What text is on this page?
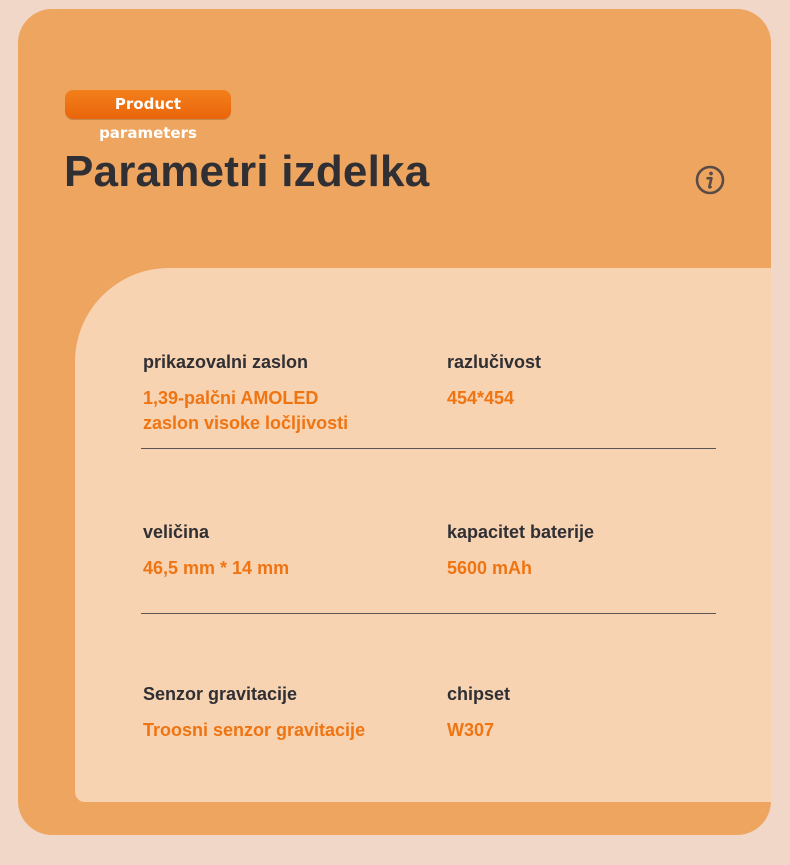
Product parameters
Parametri izdelka
prikazovalni zaslon
1,39-palčni AMOLED
zaslon visoke ločljivosti
razlučivost
454*454
veličina
46,5 mm * 14 mm
kapacitet baterije
5600 mAh
Senzor gravitacije
Troosni senzor gravitacije
chipset
W307
